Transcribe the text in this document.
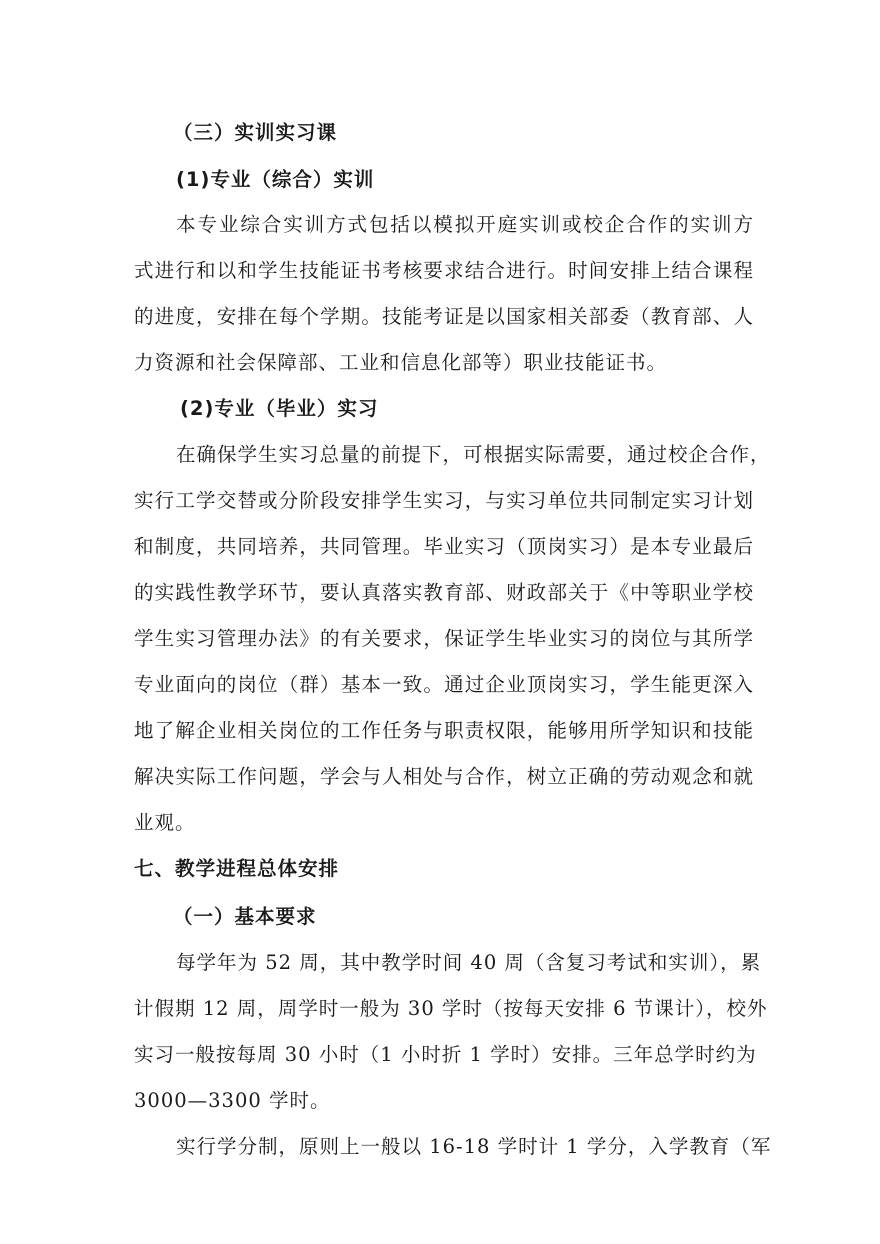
（三）实训实习课

(1)专业（综合）实训

本专业综合实训方式包括以模拟开庭实训或校企合作的实训方

式进行和以和学生技能证书考核要求结合进行。时间安排上结合课程

的进度，安排在每个学期。技能考证是以国家相关部委（教育部、人

力资源和社会保障部、工业和信息化部等）职业技能证书。

(2)专业（毕业）实习

在确保学生实习总量的前提下，可根据实际需要，通过校企合作，

实行工学交替或分阶段安排学生实习，与实习单位共同制定实习计划

和制度，共同培养，共同管理。毕业实习（顶岗实习）是本专业最后

的实践性教学环节，要认真落实教育部、财政部关于《中等职业学校

学生实习管理办法》的有关要求，保证学生毕业实习的岗位与其所学

专业面向的岗位（群）基本一致。通过企业顶岗实习，学生能更深入

地了解企业相关岗位的工作任务与职责权限，能够用所学知识和技能

解决实际工作问题，学会与人相处与合作，树立正确的劳动观念和就

业观。

七、教学进程总体安排

（一）基本要求

每学年为 52 周，其中教学时间 40 周（含复习考试和实训），累

计假期 12 周，周学时一般为 30 学时（按每天安排 6 节课计），校外

实习一般按每周 30 小时（1 小时折 1 学时）安排。三年总学时约为

3000—3300 学时。

实行学分制，原则上一般以 16-18 学时计 1 学分，入学教育（军
